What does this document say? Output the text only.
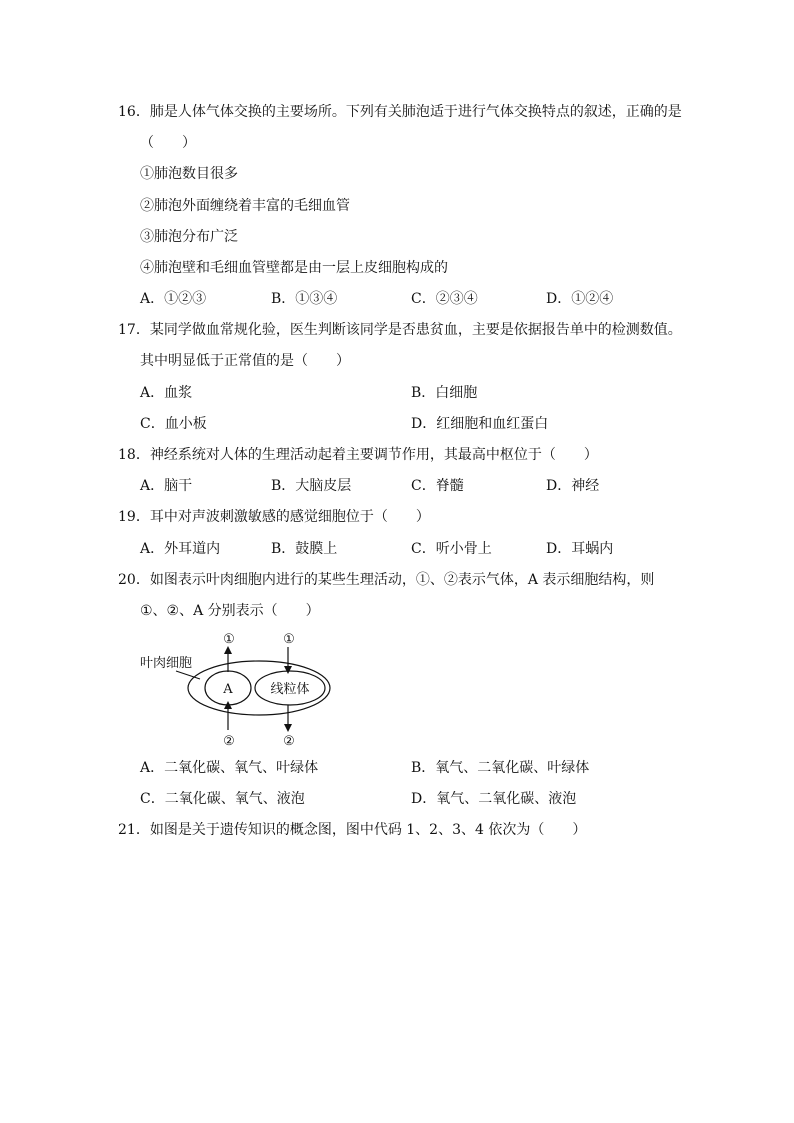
16．肺是人体气体交换的主要场所。下列有关肺泡适于进行气体交换特点的叙述，正确的是
（　　）
①肺泡数目很多
②肺泡外面缠绕着丰富的毛细血管
③肺泡分布广泛
④肺泡壁和毛细血管壁都是由一层上皮细胞构成的
A．①②③	B．①③④	C．②③④	D．①②④
17．某同学做血常规化验，医生判断该同学是否患贫血，主要是依据报告单中的检测数值。
其中明显低于正常值的是（　　）
A．血浆	B．白细胞
C．血小板	D．红细胞和血红蛋白
18．神经系统对人体的生理活动起着主要调节作用，其最高中枢位于（　　）
A．脑干	B．大脑皮层	C．脊髓	D．神经
19．耳中对声波刺激敏感的感觉细胞位于（　　）
A．外耳道内	B．鼓膜上	C．听小骨上	D．耳蜗内
20．如图表示叶肉细胞内进行的某些生理活动，①、②表示气体，A 表示细胞结构，则
①、②、A 分别表示（　　）
叶肉细胞
A	线粒体
①	①
②	②
A．二氧化碳、氧气、叶绿体	B．氧气、二氧化碳、叶绿体
C．二氧化碳、氧气、液泡	D．氧气、二氧化碳、液泡
21．如图是关于遗传知识的概念图，图中代码 1、2、3、4 依次为（　　）
